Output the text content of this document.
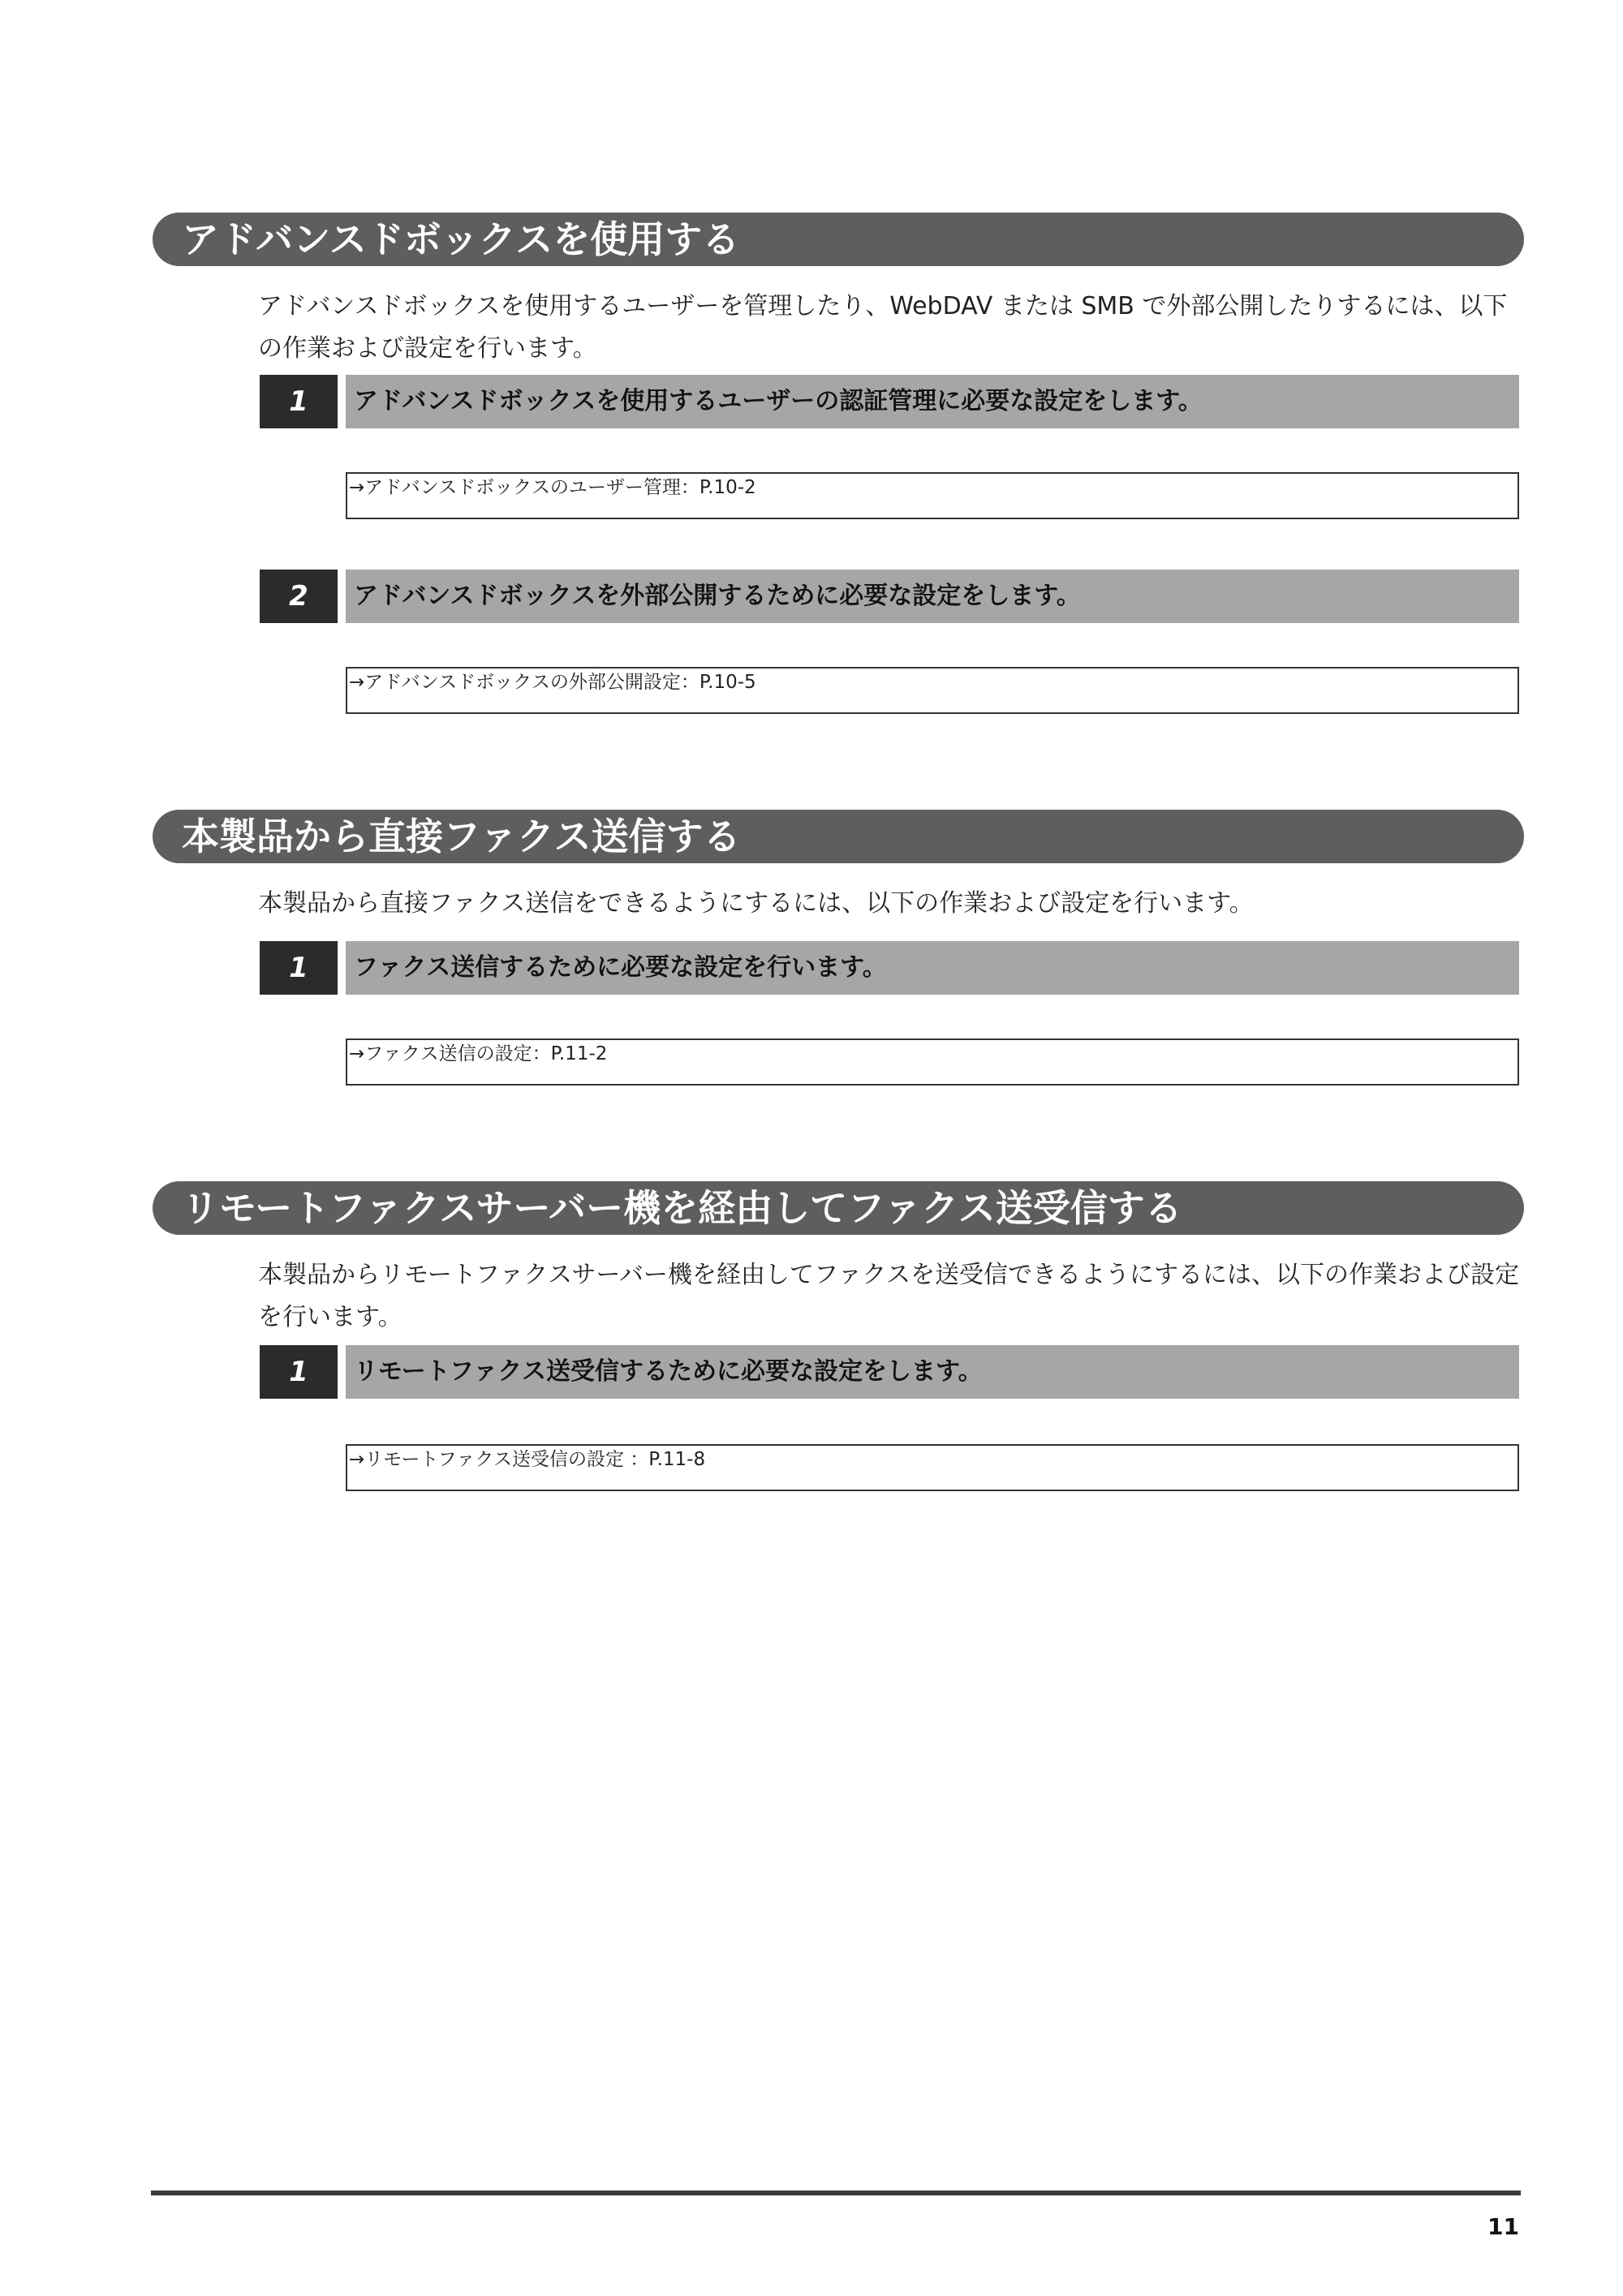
アドバンスドボックスを使用する
アドバンスドボックスを使用するユーザーを管理したり、WebDAV または SMB で外部公開したりするには、以下の作業および設定を行います。
1	アドバンスドボックスを使用するユーザーの認証管理に必要な設定をします。
→アドバンスドボックスのユーザー管理：P.10-2
2	アドバンスドボックスを外部公開するために必要な設定をします。
→アドバンスドボックスの外部公開設定：P.10-5
本製品から直接ファクス送信する
本製品から直接ファクス送信をできるようにするには、以下の作業および設定を行います。
1	ファクス送信するために必要な設定を行います。
→ファクス送信の設定：P.11-2
リモートファクスサーバー機を経由してファクス送受信する
本製品からリモートファクスサーバー機を経由してファクスを送受信できるようにするには、以下の作業および設定を行います。
1	リモートファクス送受信するために必要な設定をします。
→リモートファクス送受信の設定 ：P.11-8
11
